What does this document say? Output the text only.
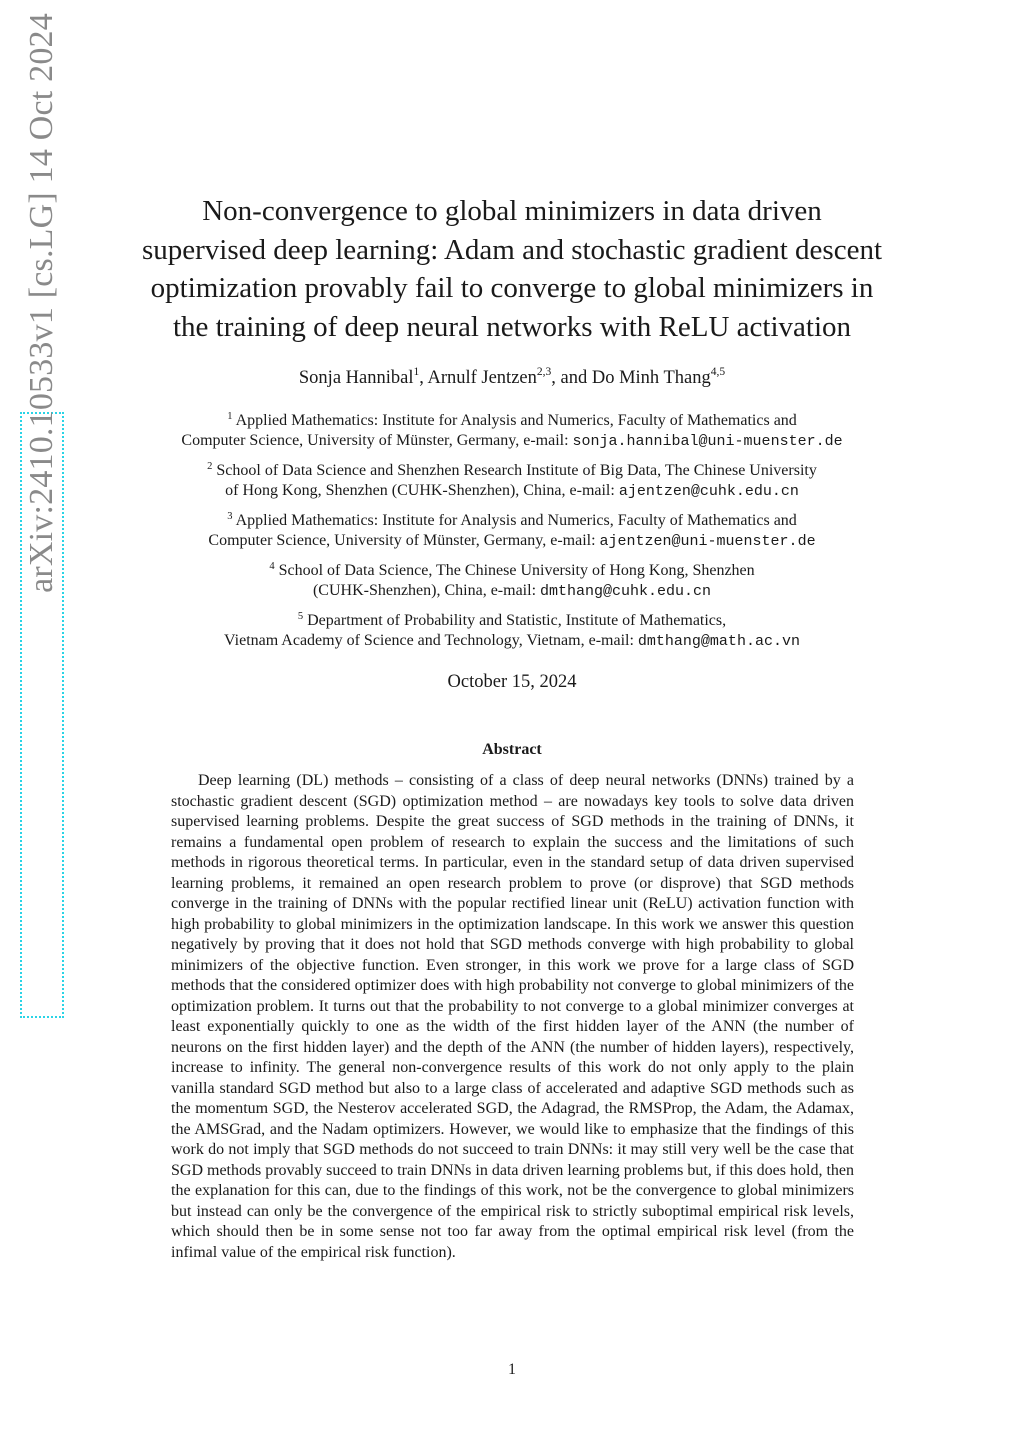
arXiv:2410.10533v1 [cs.LG] 14 Oct 2024	Non-convergence to global minimizers in data driven
supervised deep learning: Adam and stochastic gradient descent
optimization provably fail to converge to global minimizers in
the training of deep neural networks with ReLU activation
Sonja Hannibal$^1$, Arnulf Jentzen$^{2,3}$, and Do Minh Thang$^{4,5}$
$^1$ Applied Mathematics: Institute for Analysis and Numerics, Faculty of Mathematics and
Computer Science, University of Münster, Germany, e-mail: sonja.hannibal@uni-muenster.de
$^2$ School of Data Science and Shenzhen Research Institute of Big Data, The Chinese University
of Hong Kong, Shenzhen (CUHK-Shenzhen), China, e-mail: ajentzen@cuhk.edu.cn
$^3$ Applied Mathematics: Institute for Analysis and Numerics, Faculty of Mathematics and
Computer Science, University of Münster, Germany, e-mail: ajentzen@uni-muenster.de
$^4$ School of Data Science, The Chinese University of Hong Kong, Shenzhen
(CUHK-Shenzhen), China, e-mail: dmthang@cuhk.edu.cn
$^5$ Department of Probability and Statistic, Institute of Mathematics,
Vietnam Academy of Science and Technology, Vietnam, e-mail: dmthang@math.ac.vn
October 15, 2024
Abstract

Deep learning (DL) methods – consisting of a class of deep neural networks (DNNs) trained by a stochastic gradient descent (SGD) optimization method – are nowadays key tools to solve data driven supervised learning problems. Despite the great success of SGD methods in the training of DNNs, it remains a fundamental open problem of research to explain the success and the limitations of such methods in rigorous theoretical terms. In particular, even in the standard setup of data driven supervised learning problems, it remained an open research problem to prove (or disprove) that SGD methods converge in the training of DNNs with the popular rectified linear unit (ReLU) activation function with high probability to global minimizers in the optimization landscape. In this work we answer this question negatively by proving that it does not hold that SGD methods converge with high probability to global minimizers of the objective function. Even stronger, in this work we prove for a large class of SGD methods that the considered optimizer does with high probability not converge to global minimizers of the optimization problem. It turns out that the probability to not converge to a global minimizer converges at least exponentially quickly to one as the width of the first hidden layer of the ANN (the number of neurons on the first hidden layer) and the depth of the ANN (the number of hidden layers), respectively, increase to infinity. The general non-convergence results of this work do not only apply to the plain vanilla standard SGD method but also to a large class of accelerated and adaptive SGD methods such as the momentum SGD, the Nesterov accelerated SGD, the Adagrad, the RMSProp, the Adam, the Adamax, the AMSGrad, and the Nadam optimizers. However, we would like to emphasize that the findings of this work do not imply that SGD methods do not succeed to train DNNs: it may still very well be the case that SGD methods provably succeed to train DNNs in data driven learning problems but, if this does hold, then the explanation for this can, due to the findings of this work, not be the convergence to global minimizers but instead can only be the convergence of the empirical risk to strictly suboptimal empirical risk levels, which should then be in some sense not too far away from the optimal empirical risk level (from the infimal value of the empirical risk function).

1
